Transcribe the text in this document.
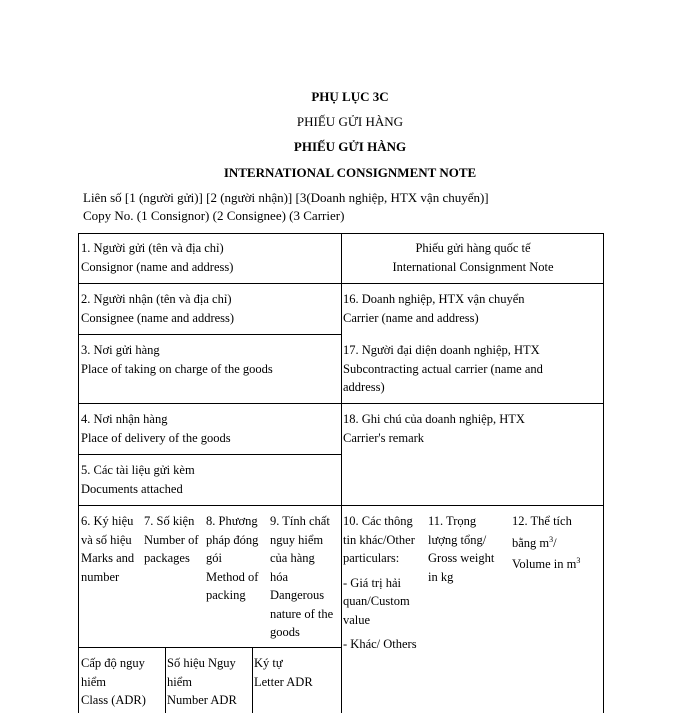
PHỤ LỤC 3C
PHIẾU GỬI HÀNG
PHIẾU GỬI HÀNG
INTERNATIONAL CONSIGNMENT NOTE
Liên số [1 (người gửi)] [2 (người nhận)] [3(Doanh nghiệp, HTX vận chuyển)]
Copy No. (1 Consignor) (2 Consignee) (3 Carrier)
1. Người gửi (tên và địa chỉ)
Consignor (name and address)
Phiếu gửi hàng quốc tế
International Consignment Note
2. Người nhận (tên và địa chỉ)
Consignee (name and address)
16. Doanh nghiệp, HTX vận chuyển
Carrier (name and address)
3. Nơi gửi hàng
Place of taking on charge of the goods
17. Người đại diện doanh nghiệp, HTX
Subcontracting actual carrier (name and
address)
4. Nơi nhận hàng
Place of delivery of the goods
18. Ghi chú của doanh nghiệp, HTX
Carrier's remark
5. Các tài liệu gửi kèm
Documents attached
6. Ký hiệu
và số hiệu
Marks and
number
7. Số kiện
Number of
packages
8. Phương
pháp đóng
gói
Method of
packing
9. Tính chất
nguy hiểm
của hàng
hóa
Dangerous
nature of the
goods
10. Các thông
tin khác/Other
particulars:
- Giá trị hải
quan/Custom
value
- Khác/ Others
11. Trọng
lượng tổng/
Gross weight
in kg
12. Thể tích
bằng $m^3/$
Volume in $m^3$
Cấp độ nguy
hiểm
Class (ADR)
Số hiệu Nguy
hiểm
Number ADR
Ký tự
Letter ADR
